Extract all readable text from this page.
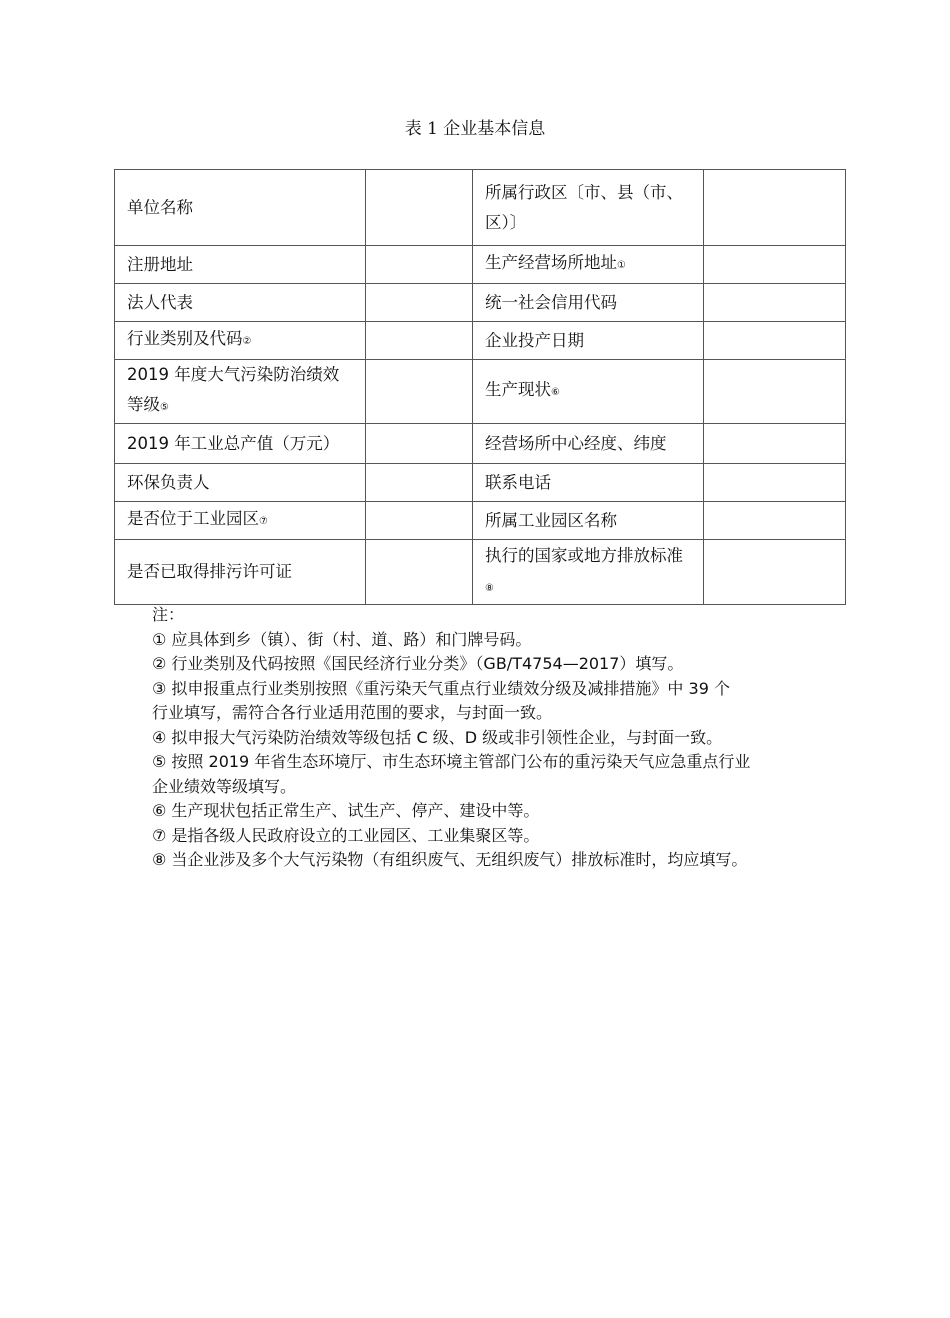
表 1 企业基本信息
单位名称		所属行政区〔市、县（市、区）〕	
注册地址		生产经营场所地址①	
法人代表		统一社会信用代码	
行业类别及代码②		企业投产日期	
2019 年度大气污染防治绩效等级⑤		生产现状⑥	
2019 年工业总产值（万元）		经营场所中心经度、纬度	
环保负责人		联系电话	
是否位于工业园区⑦		所属工业园区名称	
是否已取得排污许可证		执行的国家或地方排放标准⑧	

注：

① 应具体到乡（镇）、街（村、道、路）和门牌号码。

② 行业类别及代码按照《国民经济行业分类》（GB/T4754—2017）填写。

③ 拟申报重点行业类别按照《重污染天气重点行业绩效分级及减排措施》中 39 个

行业填写，需符合各行业适用范围的要求，与封面一致。

④ 拟申报大气污染防治绩效等级包括 C 级、D 级或非引领性企业，与封面一致。

⑤ 按照 2019 年省生态环境厅、市生态环境主管部门公布的重污染天气应急重点行业

企业绩效等级填写。

⑥ 生产现状包括正常生产、试生产、停产、建设中等。

⑦ 是指各级人民政府设立的工业园区、工业集聚区等。

⑧ 当企业涉及多个大气污染物（有组织废气、无组织废气）排放标准时，均应填写。
